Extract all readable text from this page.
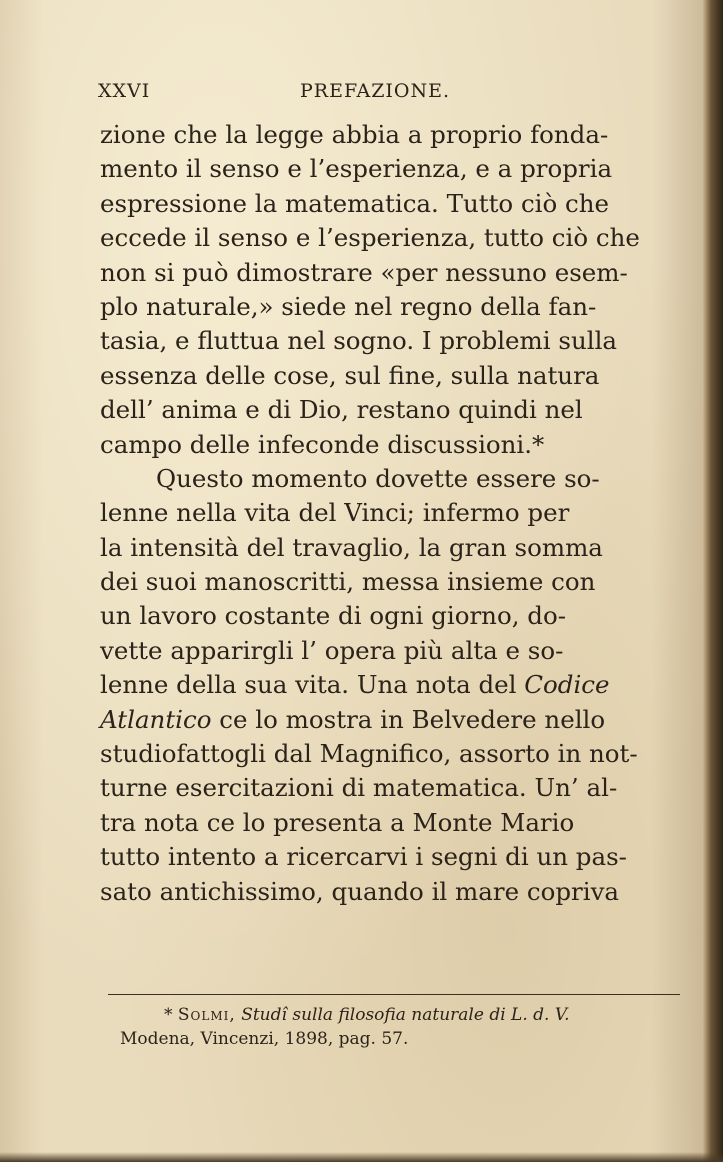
XXVI	PREFAZIONE.
zione che la legge abbia a proprio fonda-
mento il senso e l’esperienza, e a propria
espressione la matematica. Tutto ciò che
eccede il senso e l’esperienza, tutto ciò che
non si può dimostrare «per nessuno esem-
plo naturale,» siede nel regno della fan-
tasia, e fluttua nel sogno. I problemi sulla
essenza delle cose, sul fine, sulla natura
dell’ anima e di Dio, restano quindi nel
campo delle infeconde discussioni.*
Questo momento dovette essere so-
lenne nella vita del Vinci; infermo per
la intensità del travaglio, la gran somma
dei suoi manoscritti, messa insieme con
un lavoro costante di ogni giorno, do-
vette apparirgli l’ opera più alta e so-
lenne della sua vita. Una nota del Codice
Atlantico ce lo mostra in Belvedere nello
studiofattogli dal Magnifico, assorto in not-
turne esercitazioni di matematica. Un’ al-
tra nota ce lo presenta a Monte Mario
tutto intento a ricercarvi i segni di un pas-
sato antichissimo, quando il mare copriva
* Solmi, Studî sulla filosofia naturale di L. d. V.
Modena, Vincenzi, 1898, pag. 57.
